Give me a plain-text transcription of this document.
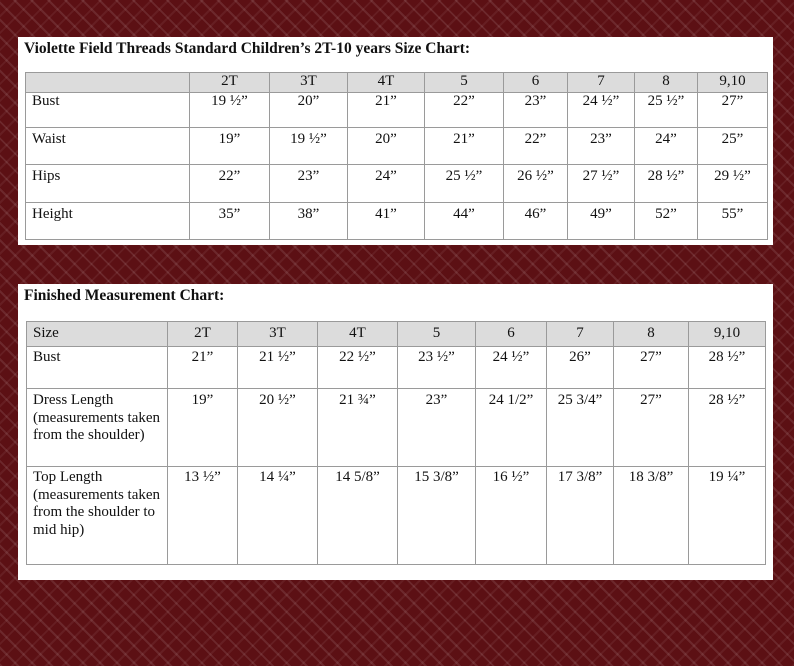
Violette Field Threads Standard Children’s 2T-10 years Size Chart:
	2T	3T	4T	5	6	7	8	9,10
Bust	19 ½”	20”	21”	22”	23”	24 ½”	25 ½”	27”
Waist	19”	19 ½”	20”	21”	22”	23”	24”	25”
Hips	22”	23”	24”	25 ½”	26 ½”	27 ½”	28 ½”	29 ½”
Height	35”	38”	41”	44”	46”	49”	52”	55”
Finished Measurement Chart:
Size	2T	3T	4T	5	6	7	8	9,10
Bust	21”	21 ½”	22 ½”	23 ½”	24 ½”	26”	27”	28 ½”
Dress Length (measurements taken from the shoulder)	19”	20 ½”	21 ¾”	23”	24 1/2”	25 3/4”	27”	28 ½”
Top Length (measurements taken from the shoulder to mid hip)	13 ½”	14 ¼”	14 5/8”	15 3/8”	16 ½”	17 3/8”	18 3/8”	19 ¼”
